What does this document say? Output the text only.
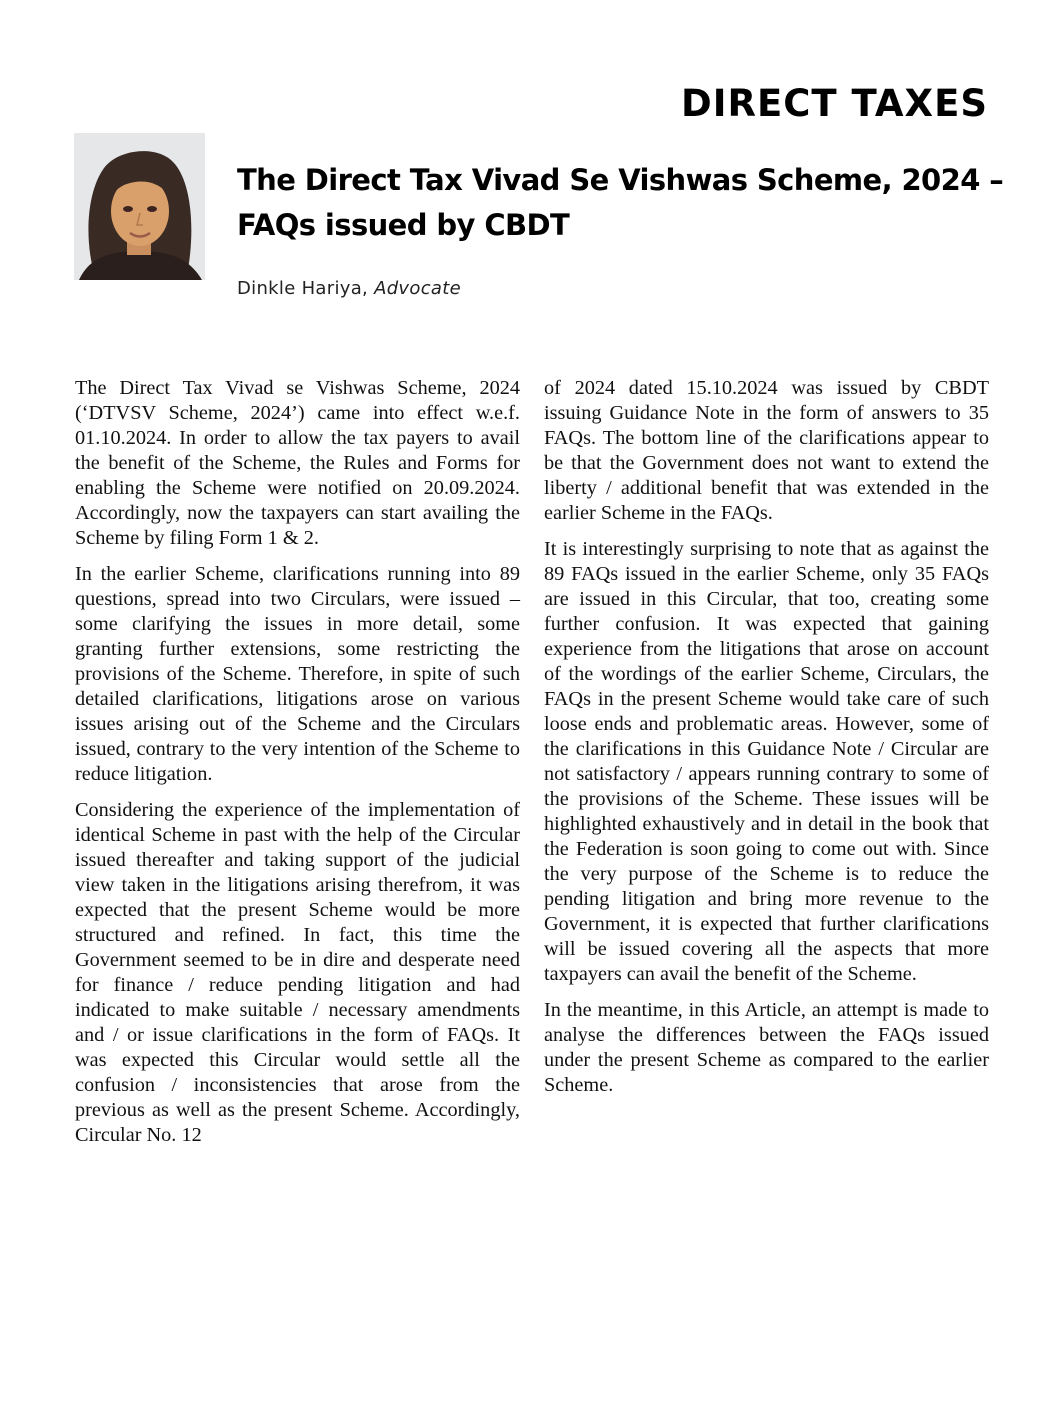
DIRECT TAXES
The Direct Tax Vivad Se Vishwas Scheme, 2024 – FAQs issued by CBDT
Dinkle Hariya, Advocate

The Direct Tax Vivad se Vishwas Scheme, 2024 (‘DTVSV Scheme, 2024’) came into effect w.e.f. 01.10.2024. In order to allow the tax payers to avail the benefit of the Scheme, the Rules and Forms for enabling the Scheme were notified on 20.09.2024. Accordingly, now the taxpayers can start availing the Scheme by filing Form 1 & 2.

In the earlier Scheme, clarifications running into 89 questions, spread into two Circulars, were issued – some clarifying the issues in more detail, some granting further extensions, some restricting the provisions of the Scheme. Therefore, in spite of such detailed clarifications, litigations arose on various issues arising out of the Scheme and the Circulars issued, contrary to the very intention of the Scheme to reduce litigation.

Considering the experience of the implementation of identical Scheme in past with the help of the Circular issued thereafter and taking support of the judicial view taken in the litigations arising therefrom, it was expected that the present Scheme would be more structured and refined. In fact, this time the Government seemed to be in dire and desperate need for finance / reduce pending litigation and had indicated to make suitable / necessary amendments and / or issue clarifications in the form of FAQs. It was expected this Circular would settle all the confusion / inconsistencies that arose from the previous as well as the present Scheme. Accordingly, Circular No. 12

of 2024 dated 15.10.2024 was issued by CBDT issuing Guidance Note in the form of answers to 35 FAQs. The bottom line of the clarifications appear to be that the Government does not want to extend the liberty / additional benefit that was extended in the earlier Scheme in the FAQs.

It is interestingly surprising to note that as against the 89 FAQs issued in the earlier Scheme, only 35 FAQs are issued in this Circular, that too, creating some further confusion. It was expected that gaining experience from the litigations that arose on account of the wordings of the earlier Scheme, Circulars, the FAQs in the present Scheme would take care of such loose ends and problematic areas. However, some of the clarifications in this Guidance Note / Circular are not satisfactory / appears running contrary to some of the provisions of the Scheme. These issues will be highlighted exhaustively and in detail in the book that the Federation is soon going to come out with. Since the very purpose of the Scheme is to reduce the pending litigation and bring more revenue to the Government, it is expected that further clarifications will be issued covering all the aspects that more taxpayers can avail the benefit of the Scheme.

In the meantime, in this Article, an attempt is made to analyse the differences between the FAQs issued under the present Scheme as compared to the earlier Scheme.
